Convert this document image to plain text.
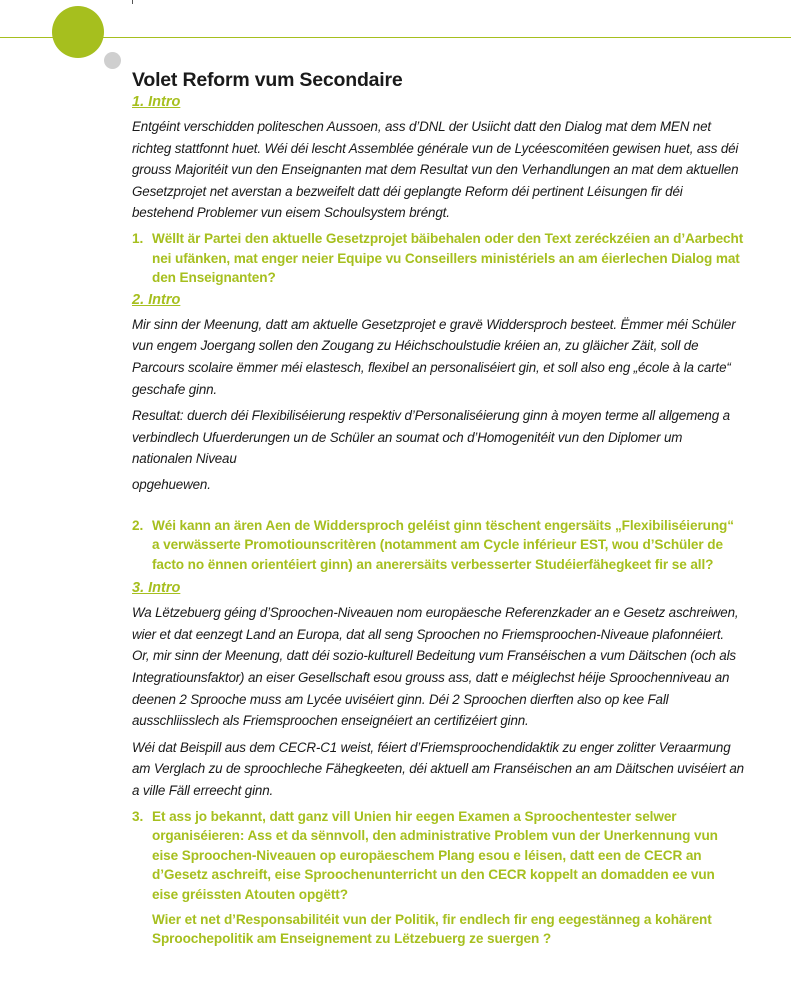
Volet Reform vum Secondaire
1. Intro

Entgéint verschidden politeschen Aussoen, ass d’DNL der Usiicht datt den Dialog mat dem MEN net richteg stattfonnt huet. Wéi déi lescht Assemblée générale vun de Lycéescomitéen gewisen huet, ass déi grouss Majoritéit vun den Enseignanten mat dem Resultat vun den Verhandlungen an mat dem aktuellen Gesetzprojet net averstan a bezweifelt datt déi geplangte Reform déi pertinent Léisungen fir déi bestehend Problemer vun eisem Schoulsystem bréngt.

1. Wëllt är Partei den aktuelle Gesetzprojet bäibehalen oder den Text zeréckzéien an d’Aarbecht nei ufänken, mat enger neier Equipe vu Conseillers ministériels an am éierlechen Dialog mat den Enseignanten?

2. Intro

Mir sinn der Meenung, datt am aktuelle Gesetzprojet e gravë Widdersproch besteet. Ëmmer méi Schüler vun engem Joergang sollen den Zougang zu Héichschoulstudie kréien an, zu gläicher Zäit, soll de Parcours scolaire ëmmer méi elastesch, flexibel an personaliséiert gin, et soll also eng „école à la carte“ geschafe ginn.

Resultat: duerch déi Flexibiliséierung respektiv d’Personaliséierung ginn à moyen terme all allgemeng a verbindlech Ufuerderungen un de Schüler an soumat och d’Homogenitéit vun den Diplomer um nationalen Niveau

opgehuewen.

2. Wéi kann an ären Aen de Widdersproch geléist ginn tëschent engersäits „Flexibiliséierung“ a verwässerte Promotiounscritèren (notamment am Cycle inférieur EST, wou d’Schüler de facto no ënnen orientéiert ginn) an anerersäits verbesserter Studéierfähegkeet fir se all?

3. Intro

Wa Lëtzebuerg géing d’Sproochen-Niveauen nom europäesche Referenzkader an e Gesetz aschreiwen, wier et dat eenzegt Land an Europa, dat all seng Sproochen no Friemsproochen-Niveaue plafonnéiert. Or, mir sinn der Meenung, datt déi sozio-kulturell Bedeitung vum Franséischen a vum Däitschen (och als Integratiounsfaktor) an eiser Gesellschaft esou grouss ass, datt e méiglechst héije Sproochenniveau an deenen 2 Sprooche muss am Lycée uviséiert ginn. Déi 2 Sproochen dierften also op kee Fall ausschliisslech als Friemsproochen enseignéiert an certifizéiert ginn.

Wéi dat Beispill aus dem CECR-C1 weist, féiert d’Friemsproochendidaktik zu enger zolitter Veraarmung am Verglach zu de sproochleche Fähegkeeten, déi aktuell am Franséischen an am Däitschen uviséiert an a ville Fäll erreecht ginn.

3. Et ass jo bekannt, datt ganz vill Unien hir eegen Examen a Sproochentester selwer organiséieren: Ass et da sënnvoll, den administrative Problem vun der Unerkennung vun eise Sproochen-Niveauen op europäeschem Plang esou e léisen, datt een de CECR an d’Gesetz aschreift, eise Sproochenunterricht un den CECR koppelt an domadden ee vun eise gréissten Atouten opgëtt?

Wier et net d’Responsabilitéit vun der Politik, fir endlech fir eng eegestänneg a kohärent Sproochepolitik am Enseignement zu Lëtzebuerg ze suergen ?
